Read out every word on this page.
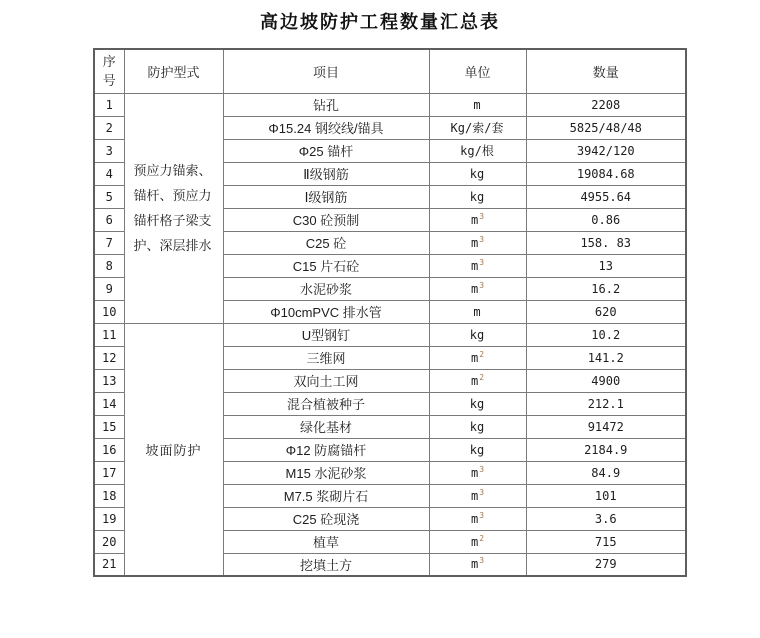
高边坡防护工程数量汇总表
序号	防护型式	项目	单位	数量
1	预应力锚索、锚杆、预应力锚杆格子梁支护、深层排水	钻孔	m	2208
2		Φ15.24 钢绞线/锚具	Kg/索/套	5825/48/48
3		Φ25 锚杆	kg/根	3942/120
4		Ⅱ级钢筋	kg	19084.68
5		Ⅰ级钢筋	kg	4955.64
6		C30 砼预制	$m^3$	0.86
7		C25 砼	$m^3$	158. 83
8		C15 片石砼	$m^3$	13
9		水泥砂浆	$m^3$	16.2
10		Φ10cmPVC 排水管	m	620
11	坡面防护	U型钢钉	kg	10.2
12		三维网	$m^2$	141.2
13		双向土工网	$m^2$	4900
14		混合植被种子	kg	212.1
15		绿化基材	kg	91472
16		Φ12 防腐锚杆	kg	2184.9
17		M15 水泥砂浆	$m^3$	84.9
18		M7.5 浆砌片石	$m^3$	101
19		C25 砼现浇	$m^3$	3.6
20		植草	$m^2$	715
21		挖填土方	$m^3$	279
